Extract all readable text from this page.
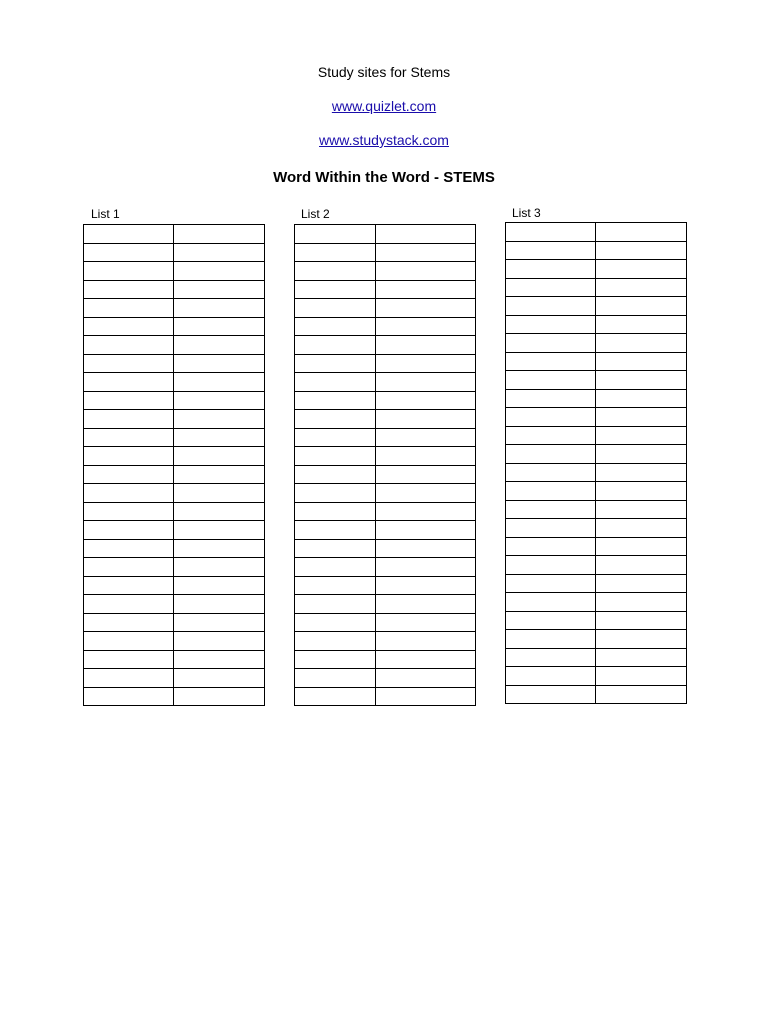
Study sites for Stems
www.quizlet.com
www.studystack.com
Word Within the Word - STEMS
List 1	List 2	List 3
